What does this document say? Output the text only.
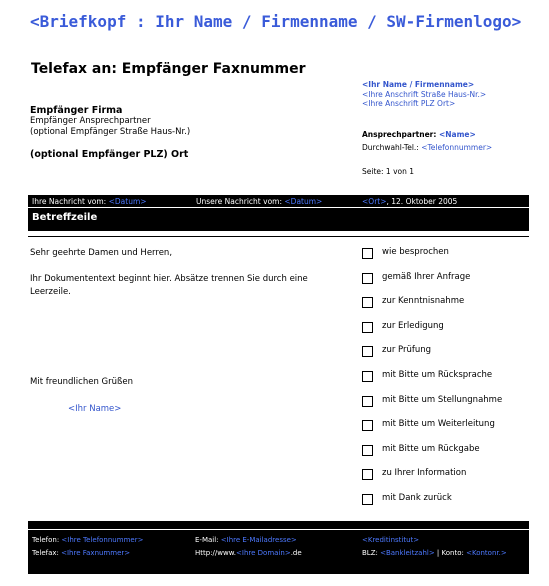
<Briefkopf : Ihr Name / Firmenname / SW-Firmenlogo>
Telefax an: Empfänger Faxnummer
Empfänger Firma
Empfänger Ansprechpartner
(optional Empfänger Straße Haus-Nr.)
(optional Empfänger PLZ) Ort
<Ihr Name / Firmenname>
<Ihre Anschrift Straße Haus-Nr.>
<Ihre Anschrift PLZ Ort>
Ansprechpartner: <Name>
Durchwahl-Tel.: <Telefonnummer>
Seite: 1 von 1
Ihre Nachricht vom: <Datum>	Unsere Nachricht vom: <Datum>	<Ort>, 12. Oktober 2005
Betreffzeile
Sehr geehrte Damen und Herren,
Ihr Dokumententext beginnt hier. Absätze trennen Sie durch eine Leerzeile.
Mit freundlichen Grüßen
<Ihr Name>
wie besprochen
gemäß Ihrer Anfrage
zur Kenntnisnahme
zur Erledigung
zur Prüfung
mit Bitte um Rücksprache
mit Bitte um Stellungnahme
mit Bitte um Weiterleitung
mit Bitte um Rückgabe
zu Ihrer Information
mit Dank zurück
Telefon: <Ihre Telefonnummer>
Telefax: <Ihre Faxnummer>
E-Mail: <Ihre E-Mailadresse>
Http://www.<Ihre Domain>.de
<Kreditinstitut>
BLZ: <Bankleitzahl> | Konto: <Kontonr.>
